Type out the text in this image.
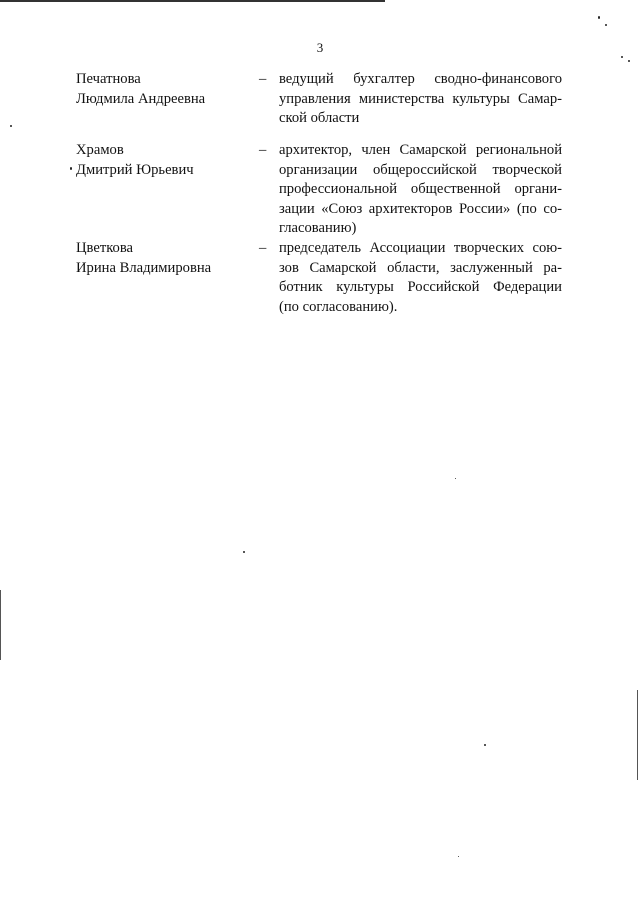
3
Печатнова
Людмила Андреевна
– ведущий бухгалтер сводно-финансового
управления министерства культуры Самар-
ской области
Храмов
Дмитрий Юрьевич
– архитектор, член Самарской региональной
организации общероссийской творческой
профессиональной общественной органи-
зации «Союз архитекторов России» (по со-
гласованию)
Цветкова
Ирина Владимировна
– председатель Ассоциации творческих сою-
зов Самарской области, заслуженный ра-
ботник культуры Российской Федерации
(по согласованию).
